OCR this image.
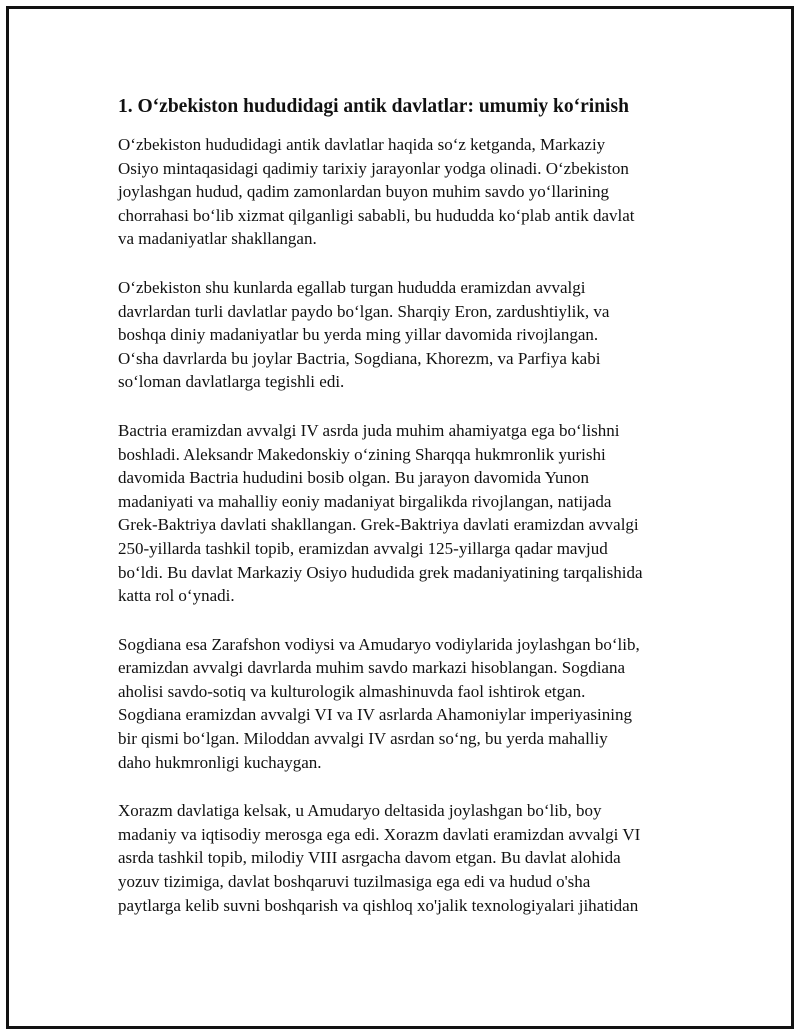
1. O‘zbekiston hududidagi antik davlatlar: umumiy ko‘rinish

O‘zbekiston hududidagi antik davlatlar haqida so‘z ketganda, Markaziy
Osiyo mintaqasidagi qadimiy tarixiy jarayonlar yodga olinadi. O‘zbekiston
joylashgan hudud, qadim zamonlardan buyon muhim savdo yo‘llarining
chorrahasi bo‘lib xizmat qilganligi sababli, bu hududda ko‘plab antik davlat
va madaniyatlar shakllangan.

O‘zbekiston shu kunlarda egallab turgan hududda eramizdan avvalgi
davrlardan turli davlatlar paydo bo‘lgan. Sharqiy Eron, zardushtiylik, va
boshqa diniy madaniyatlar bu yerda ming yillar davomida rivojlangan.
O‘sha davrlarda bu joylar Bactria, Sogdiana, Khorezm, va Parfiya kabi
so‘loman davlatlarga tegishli edi.

Bactria eramizdan avvalgi IV asrda juda muhim ahamiyatga ega bo‘lishni
boshladi. Aleksandr Makedonskiy o‘zining Sharqqa hukmronlik yurishi
davomida Bactria hududini bosib olgan. Bu jarayon davomida Yunon
madaniyati va mahalliy eoniy madaniyat birgalikda rivojlangan, natijada
Grek-Baktriya davlati shakllangan. Grek-Baktriya davlati eramizdan avvalgi
250-yillarda tashkil topib, eramizdan avvalgi 125-yillarga qadar mavjud
bo‘ldi. Bu davlat Markaziy Osiyo hududida grek madaniyatining tarqalishida
katta rol o‘ynadi.

Sogdiana esa Zarafshon vodiysi va Amudaryo vodiylarida joylashgan bo‘lib,
eramizdan avvalgi davrlarda muhim savdo markazi hisoblangan. Sogdiana
aholisi savdo-sotiq va kulturologik almashinuvda faol ishtirok etgan.
Sogdiana eramizdan avvalgi VI va IV asrlarda Ahamoniylar imperiyasining
bir qismi bo‘lgan. Miloddan avvalgi IV asrdan so‘ng, bu yerda mahalliy
daho hukmronligi kuchaygan.

Xorazm davlatiga kelsak, u Amudaryo deltasida joylashgan bo‘lib, boy
madaniy va iqtisodiy merosga ega edi. Xorazm davlati eramizdan avvalgi VI
asrda tashkil topib, milodiy VIII asrgacha davom etgan. Bu davlat alohida
yozuv tizimiga, davlat boshqaruvi tuzilmasiga ega edi va hudud o'sha
paytlarga kelib suvni boshqarish va qishloq xo'jalik texnologiyalari jihatidan
